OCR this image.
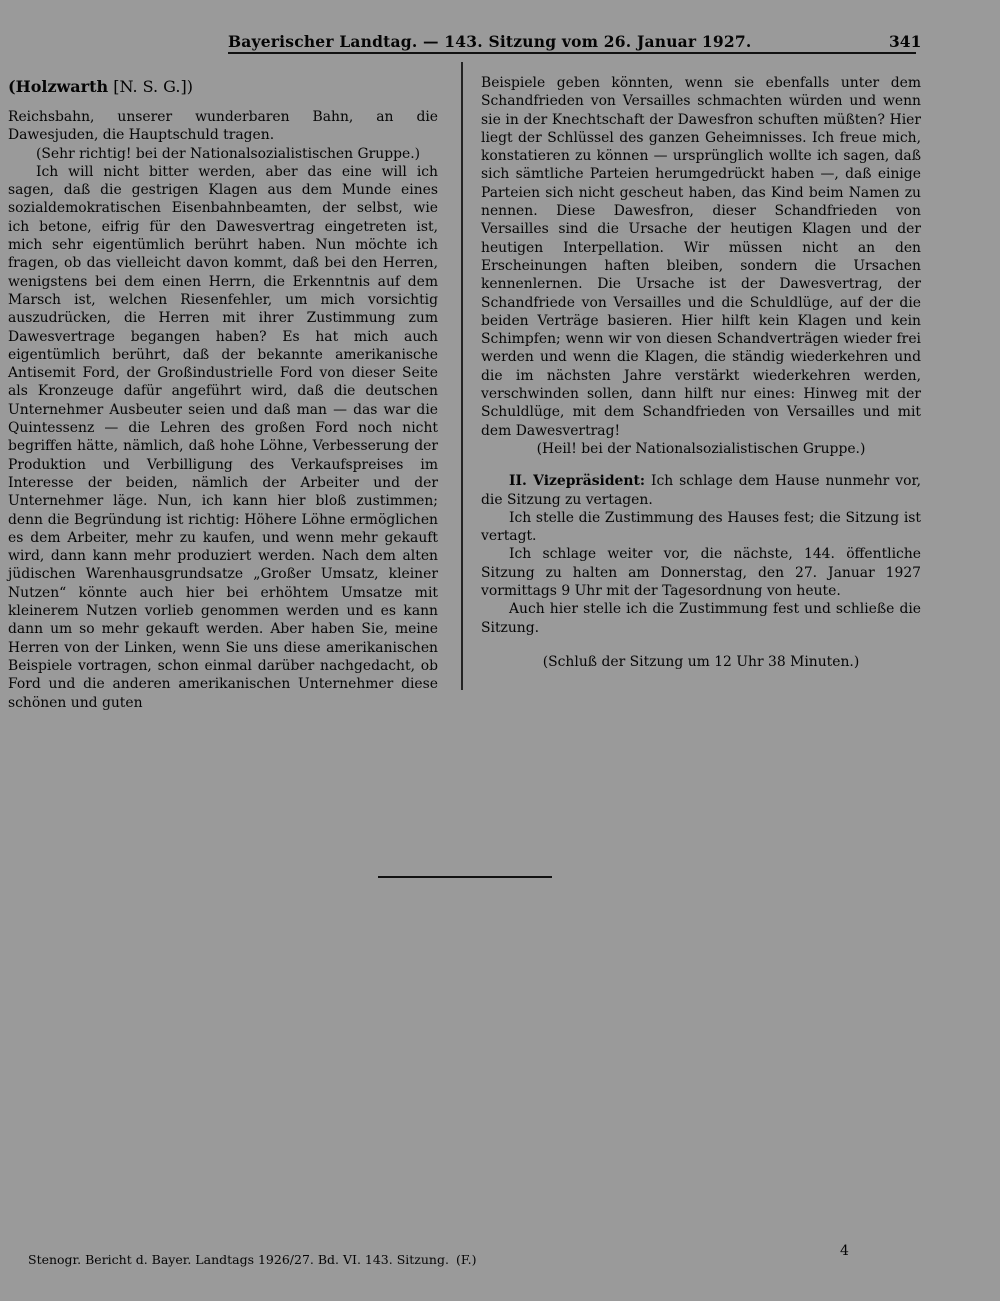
Bayerischer Landtag. — 143. Sitzung vom 26. Januar 1927.	341

(Holzwarth [N. S. G.])

Reichsbahn, unserer wunderbaren Bahn, an die Dawesjuden, die Hauptschuld tragen.

(Sehr richtig! bei der Nationalsozialistischen Gruppe.)

Ich will nicht bitter werden, aber das eine will ich sagen, daß die gestrigen Klagen aus dem Munde eines sozialdemokratischen Eisenbahnbeamten, der selbst, wie ich betone, eifrig für den Dawesvertrag eingetreten ist, mich sehr eigentümlich berührt haben. Nun möchte ich fragen, ob das vielleicht davon kommt, daß bei den Herren, wenigstens bei dem einen Herrn, die Erkenntnis auf dem Marsch ist, welchen Riesenfehler, um mich vorsichtig auszudrücken, die Herren mit ihrer Zustimmung zum Dawesvertrage begangen haben? Es hat mich auch eigentümlich berührt, daß der bekannte amerikanische Antisemit Ford, der Großindustrielle Ford von dieser Seite als Kronzeuge dafür angeführt wird, daß die deutschen Unternehmer Ausbeuter seien und daß man — das war die Quintessenz — die Lehren des großen Ford noch nicht begriffen hätte, nämlich, daß hohe Löhne, Verbesserung der Produktion und Verbilligung des Verkaufspreises im Interesse der beiden, nämlich der Arbeiter und der Unternehmer läge. Nun, ich kann hier bloß zustimmen; denn die Begründung ist richtig: Höhere Löhne ermöglichen es dem Arbeiter, mehr zu kaufen, und wenn mehr gekauft wird, dann kann mehr produziert werden. Nach dem alten jüdischen Warenhausgrundsatze „Großer Umsatz, kleiner Nutzen“ könnte auch hier bei erhöhtem Umsatze mit kleinerem Nutzen vorlieb genommen werden und es kann dann um so mehr gekauft werden. Aber haben Sie, meine Herren von der Linken, wenn Sie uns diese amerikanischen Beispiele vortragen, schon einmal darüber nachgedacht, ob Ford und die anderen amerikanischen Unternehmer diese schönen und guten

Beispiele geben könnten, wenn sie ebenfalls unter dem Schandfrieden von Versailles schmachten würden und wenn sie in der Knechtschaft der Dawesfron schuften müßten? Hier liegt der Schlüssel des ganzen Geheimnisses. Ich freue mich, konstatieren zu können — ursprünglich wollte ich sagen, daß sich sämtliche Parteien herumgedrückt haben —, daß einige Parteien sich nicht gescheut haben, das Kind beim Namen zu nennen. Diese Dawesfron, dieser Schandfrieden von Versailles sind die Ursache der heutigen Klagen und der heutigen Interpellation. Wir müssen nicht an den Erscheinungen haften bleiben, sondern die Ursachen kennenlernen. Die Ursache ist der Dawesvertrag, der Schandfriede von Versailles und die Schuldlüge, auf der die beiden Verträge basieren. Hier hilft kein Klagen und kein Schimpfen; wenn wir von diesen Schandverträgen wieder frei werden und wenn die Klagen, die ständig wiederkehren und die im nächsten Jahre verstärkt wiederkehren werden, verschwinden sollen, dann hilft nur eines: Hinweg mit der Schuldlüge, mit dem Schandfrieden von Versailles und mit dem Dawesvertrag!

(Heil! bei der Nationalsozialistischen Gruppe.)

II. Vizepräsident: Ich schlage dem Hause nunmehr vor, die Sitzung zu vertagen.

Ich stelle die Zustimmung des Hauses fest; die Sitzung ist vertagt.

Ich schlage weiter vor, die nächste, 144. öffentliche Sitzung zu halten am Donnerstag, den 27. Januar 1927 vormittags 9 Uhr mit der Tagesordnung von heute.

Auch hier stelle ich die Zustimmung fest und schließe die Sitzung.

(Schluß der Sitzung um 12 Uhr 38 Minuten.)

Stenogr. Bericht d. Bayer. Landtags 1926/27. Bd. VI. 143. Sitzung. (F.)
4
